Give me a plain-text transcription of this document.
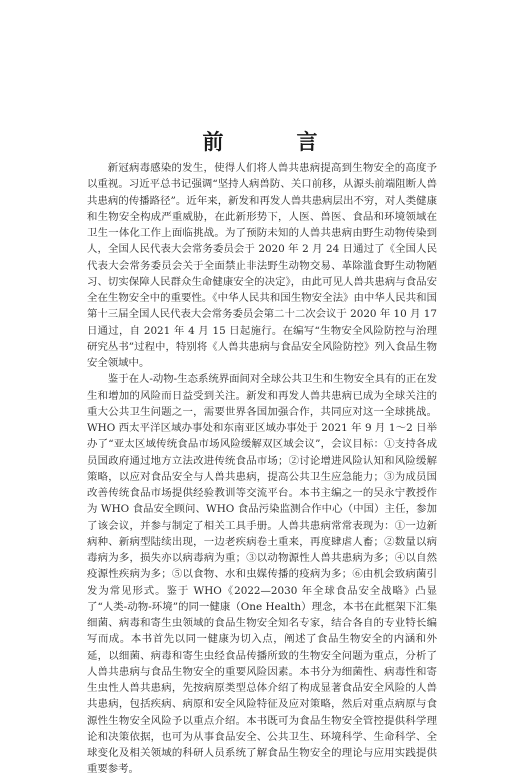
前　言

新冠病毒感染的发生，使得人们将人兽共患病提高到生物安全的高度予以重视。习近平总书记强调“坚持人病兽防、关口前移，从源头前端阻断人兽共患病的传播路径”。近年来，新发和再发人兽共患病层出不穷，对人类健康和生物安全构成严重威胁，在此新形势下，人医、兽医、食品和环境领域在卫生一体化工作上面临挑战。为了预防未知的人兽共患病由野生动物传染到人，全国人民代表大会常务委员会于 2020 年 2 月 24 日通过了《全国人民代表大会常务委员会关于全面禁止非法野生动物交易、革除滥食野生动物陋习、切实保障人民群众生命健康安全的决定》，由此可见人兽共患病与食品安全在生物安全中的重要性。《中华人民共和国生物安全法》由中华人民共和国第十三届全国人民代表大会常务委员会第二十二次会议于 2020 年 10 月 17 日通过，自 2021 年 4 月 15 日起施行。在编写“生物安全风险防控与治理研究丛书”过程中，特别将《人兽共患病与食品安全风险防控》列入食品生物安全领域中。

鉴于在人-动物-生态系统界面间对全球公共卫生和生物安全具有的正在发生和增加的风险而日益受到关注。新发和再发人兽共患病已成为全球关注的重大公共卫生问题之一，需要世界各国加强合作，共同应对这一全球挑战。WHO 西太平洋区域办事处和东南亚区域办事处于 2021 年 9 月 1～2 日举办了“亚太区域传统食品市场风险缓解双区域会议”，会议目标：①支持各成员国政府通过地方立法改进传统食品市场；②讨论增进风险认知和风险缓解策略，以应对食品安全与人兽共患病，提高公共卫生应急能力；③为成员国改善传统食品市场提供经验教训等交流平台。本书主编之一的吴永宁教授作为 WHO 食品安全顾问、WHO 食品污染监测合作中心（中国）主任，参加了该会议，并参与制定了相关工具手册。人兽共患病常常表现为：①一边新病种、新病型陆续出现，一边老疾病卷土重来，再度肆虐人畜；②数量以病毒病为多，损失亦以病毒病为重；③以动物源性人兽共患病为多；④以自然疫源性疾病为多；⑤以食物、水和虫媒传播的疫病为多；⑥由机会致病菌引发为常见形式。鉴于 WHO《2022—2030 年全球食品安全战略》凸显了“人类-动物-环境”的同一健康（One Health）理念，本书在此框架下汇集细菌、病毒和寄生虫领域的食品生物安全知名专家，结合各自的专业特长编写而成。本书首先以同一健康为切入点，阐述了食品生物安全的内涵和外延，以细菌、病毒和寄生虫经食品传播所致的生物安全问题为重点，分析了人兽共患病与食品生物安全的重要风险因素。本书分为细菌性、病毒性和寄生虫性人兽共患病，先按病原类型总体介绍了构成显著食品安全风险的人兽共患病，包括疾病、病原和安全风险特征及应对策略，然后对重点病原与食源性生物安全风险予以重点介绍。本书既可为食品生物安全管控提供科学理论和决策依据，也可为从事食品安全、公共卫生、环境科学、生命科学、全球变化及相关领域的科研人员系统了解食品生物安全的理论与应用实践提供重要参考。
